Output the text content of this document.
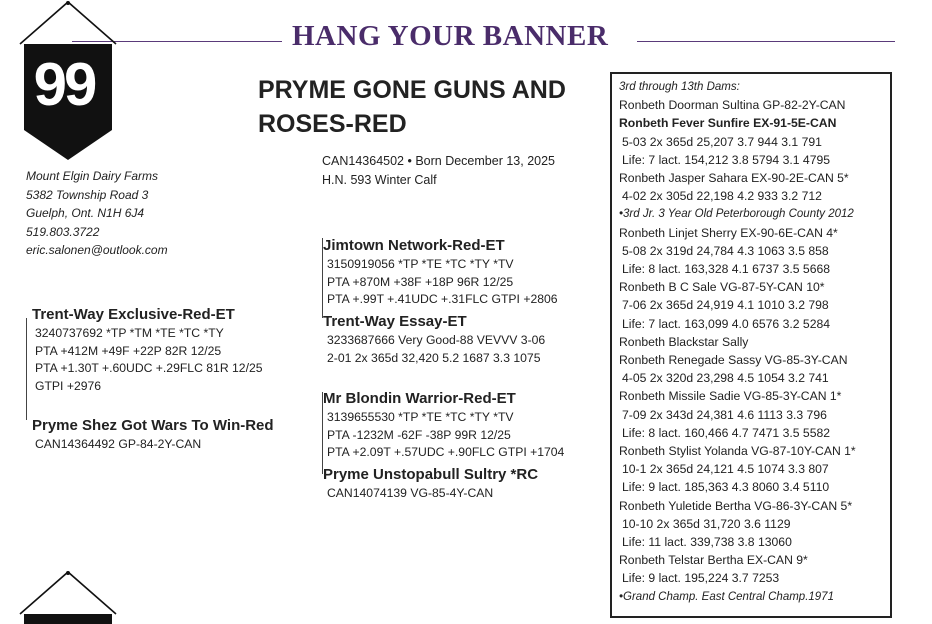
HANG YOUR BANNER
99
Mount Elgin Dairy Farms
5382 Township Road 3
Guelph, Ont. N1H 6J4
519.803.3722
eric.salonen@outlook.com
PRYME GONE GUNS AND
ROSES-RED
CAN14364502 • Born December 13, 2025
H.N. 593 Winter Calf
Jimtown Network-Red-ET
3150919056 *TP *TE *TC *TY *TV
PTA +870M +38F +18P 96R 12/25
PTA +.99T +.41UDC +.31FLC GTPI +2806
Trent-Way Essay-ET
3233687666 Very Good-88 VEVVV 3-06
2-01 2x 365d 32,420 5.2 1687 3.3 1075
Trent-Way Exclusive-Red-ET
3240737692 *TP *TM *TE *TC *TY
PTA +412M +49F +22P 82R 12/25
PTA +1.30T +.60UDC +.29FLC 81R 12/25
GTPI +2976
Pryme Shez Got Wars To Win-Red
CAN14364492 GP-84-2Y-CAN
Mr Blondin Warrior-Red-ET
3139655530 *TP *TE *TC *TY *TV
PTA -1232M -62F -38P 99R 12/25
PTA +2.09T +.57UDC +.90FLC GTPI +1704
Pryme Unstopabull Sultry *RC
CAN14074139 VG-85-4Y-CAN
3rd through 13th Dams:
Ronbeth Doorman Sultina GP-82-2Y-CAN
Ronbeth Fever Sunfire EX-91-5E-CAN
5-03 2x 365d 25,207 3.7 944 3.1 791
Life: 7 lact. 154,212 3.8 5794 3.1 4795
Ronbeth Jasper Sahara EX-90-2E-CAN 5*
4-02 2x 305d 22,198 4.2 933 3.2 712
•3rd Jr. 3 Year Old Peterborough County 2012
Ronbeth Linjet Sherry EX-90-6E-CAN 4*
5-08 2x 319d 24,784 4.3 1063 3.5 858
Life: 8 lact. 163,328 4.1 6737 3.5 5668
Ronbeth B C Sale VG-87-5Y-CAN 10*
7-06 2x 365d 24,919 4.1 1010 3.2 798
Life: 7 lact. 163,099 4.0 6576 3.2 5284
Ronbeth Blackstar Sally
Ronbeth Renegade Sassy VG-85-3Y-CAN
4-05 2x 320d 23,298 4.5 1054 3.2 741
Ronbeth Missile Sadie VG-85-3Y-CAN 1*
7-09 2x 343d 24,381 4.6 1113 3.3 796
Life: 8 lact. 160,466 4.7 7471 3.5 5582
Ronbeth Stylist Yolanda VG-87-10Y-CAN 1*
10-1 2x 365d 24,121 4.5 1074 3.3 807
Life: 9 lact. 185,363 4.3 8060 3.4 5110
Ronbeth Yuletide Bertha VG-86-3Y-CAN 5*
10-10 2x 365d 31,720 3.6 1129
Life: 11 lact. 339,738 3.8 13060
Ronbeth Telstar Bertha EX-CAN 9*
Life: 9 lact. 195,224 3.7 7253
•Grand Champ. East Central Champ.1971
